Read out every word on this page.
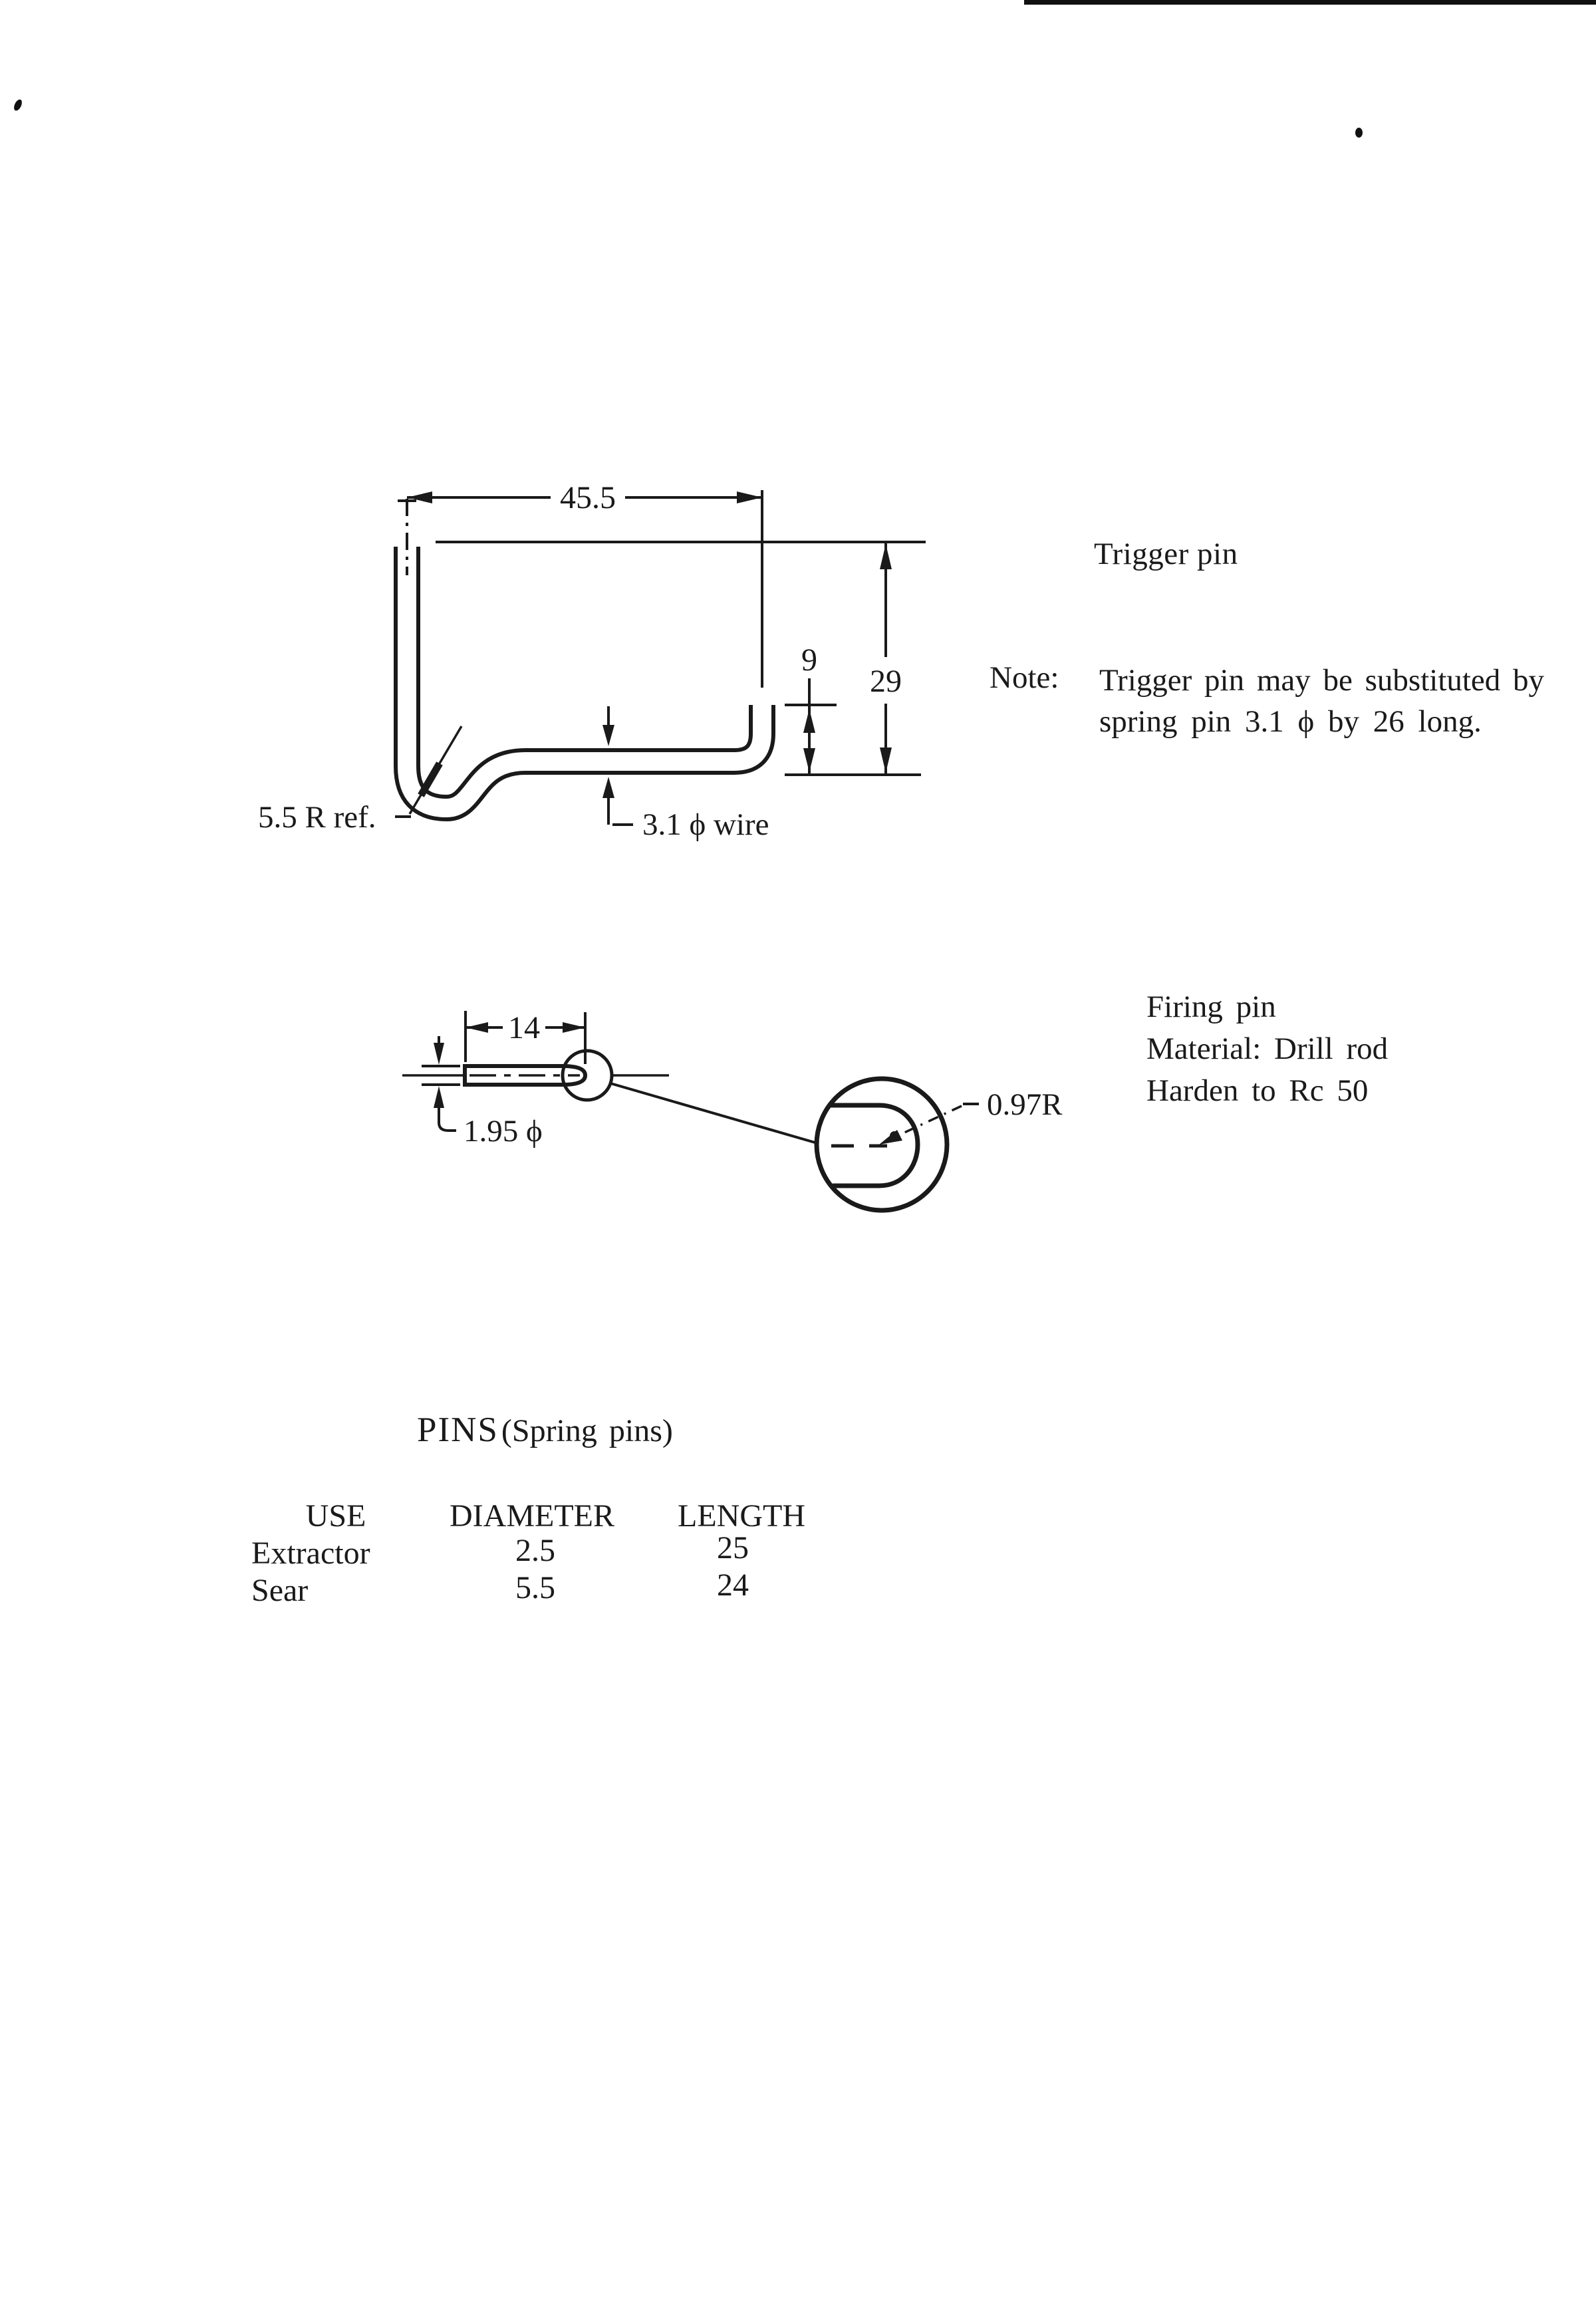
45.5
29
9
3.1 ϕ wire
5.5 R ref.
14
1.95 ϕ
0.97R
Trigger pin
Note: Trigger pin may be substituted by
spring pin 3.1 ϕ by 26 long.
Firing pin
Material: Drill rod
Harden to Rc 50
PINS (Spring pins)
USE	DIAMETER LENGTH
Extractor	2.5	25
Sear	5.5	24
